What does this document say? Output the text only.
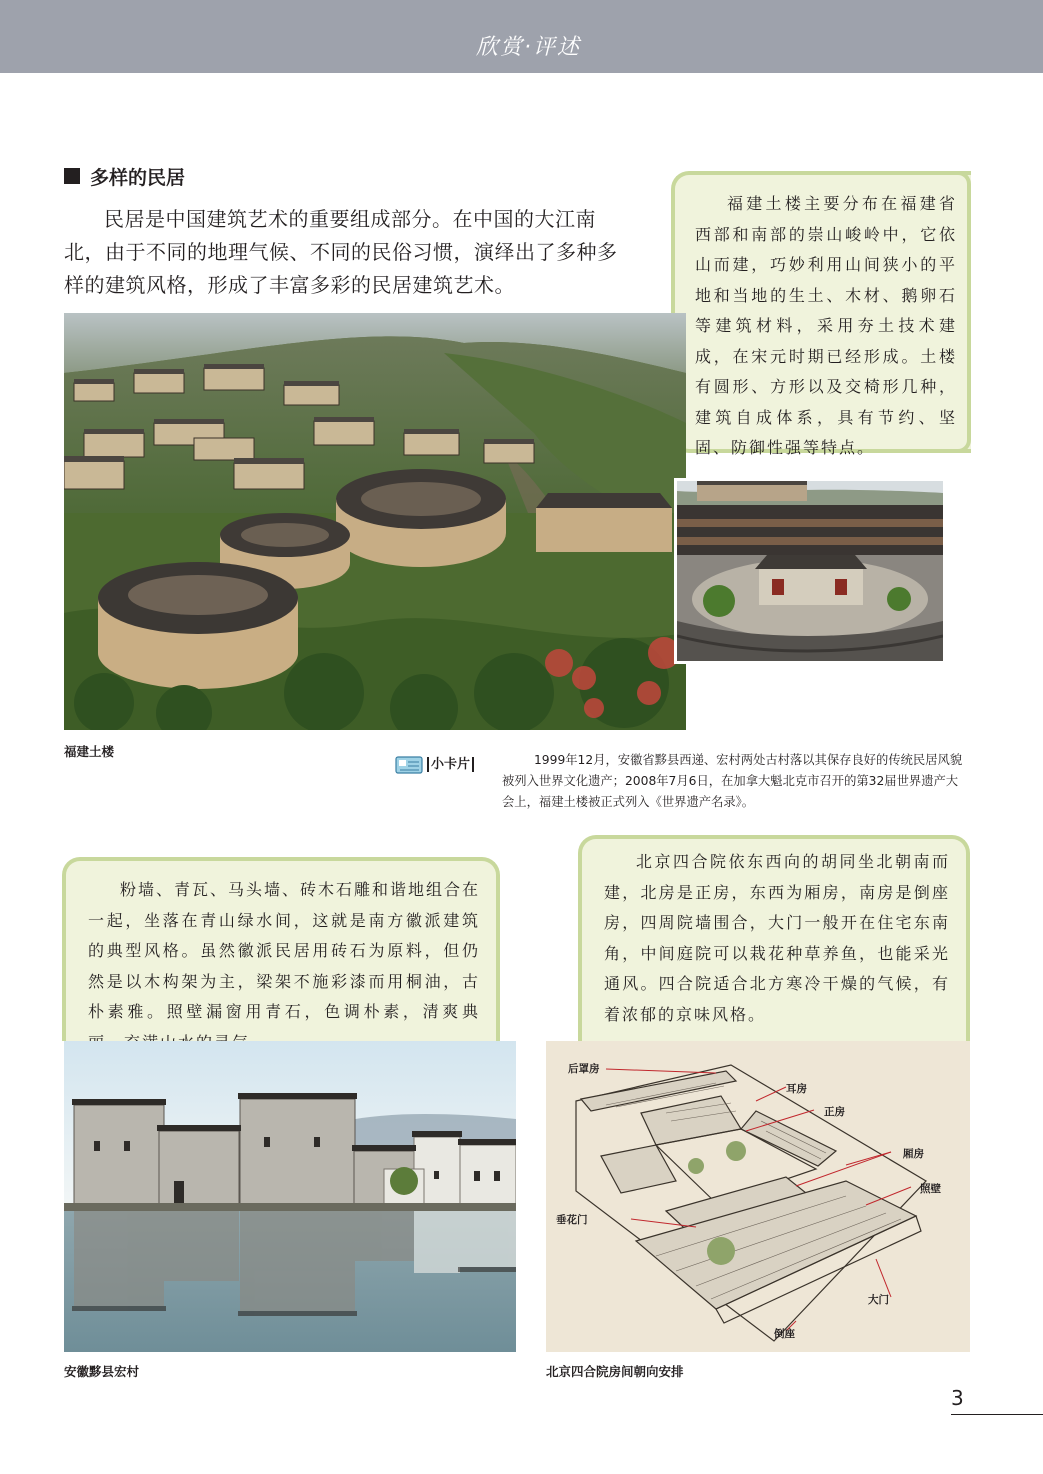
欣赏·评述
多样的民居

民居是中国建筑艺术的重要组成部分。在中国的大江南北，由于不同的地理气候、不同的民俗习惯，演绎出了多种多样的建筑风格，形成了丰富多彩的民居建筑艺术。

福建土楼主要分布在福建省西部和南部的崇山峻岭中，它依山而建，巧妙利用山间狭小的平地和当地的生土、木材、鹅卵石等建筑材料，采用夯土技术建成，在宋元时期已经形成。土楼有圆形、方形以及交椅形几种，建筑自成体系，具有节约、坚固、防御性强等特点。
福建土楼
小卡片	1999年12月，安徽省黟县西递、宏村两处古村落以其保存良好的传统民居风貌被列入世界文化遗产；2008年7月6日，在加拿大魁北克市召开的第32届世界遗产大会上，福建土楼被正式列入《世界遗产名录》。

粉墙、青瓦、马头墙、砖木石雕和谐地组合在一起，坐落在青山绿水间，这就是南方徽派建筑的典型风格。虽然徽派民居用砖石为原料，但仍然是以木构架为主，梁架不施彩漆而用桐油，古朴素雅。照壁漏窗用青石，色调朴素，清爽典
北京四合院依东西向的胡同坐北朝南而建，北房是正房，东西为厢房，南房是倒座房，四周院墙围合，大门一般开在住宅东南角，中间庭院可以栽花种草养鱼，也能采光通风。四合院适合北方寒冷干燥的气候，有着浓郁的京味风格。
后罩房
耳房
正房
厢房
照壁
垂花门
大门
倒座
安徽黟县宏村	北京四合院房间朝向安排
3
